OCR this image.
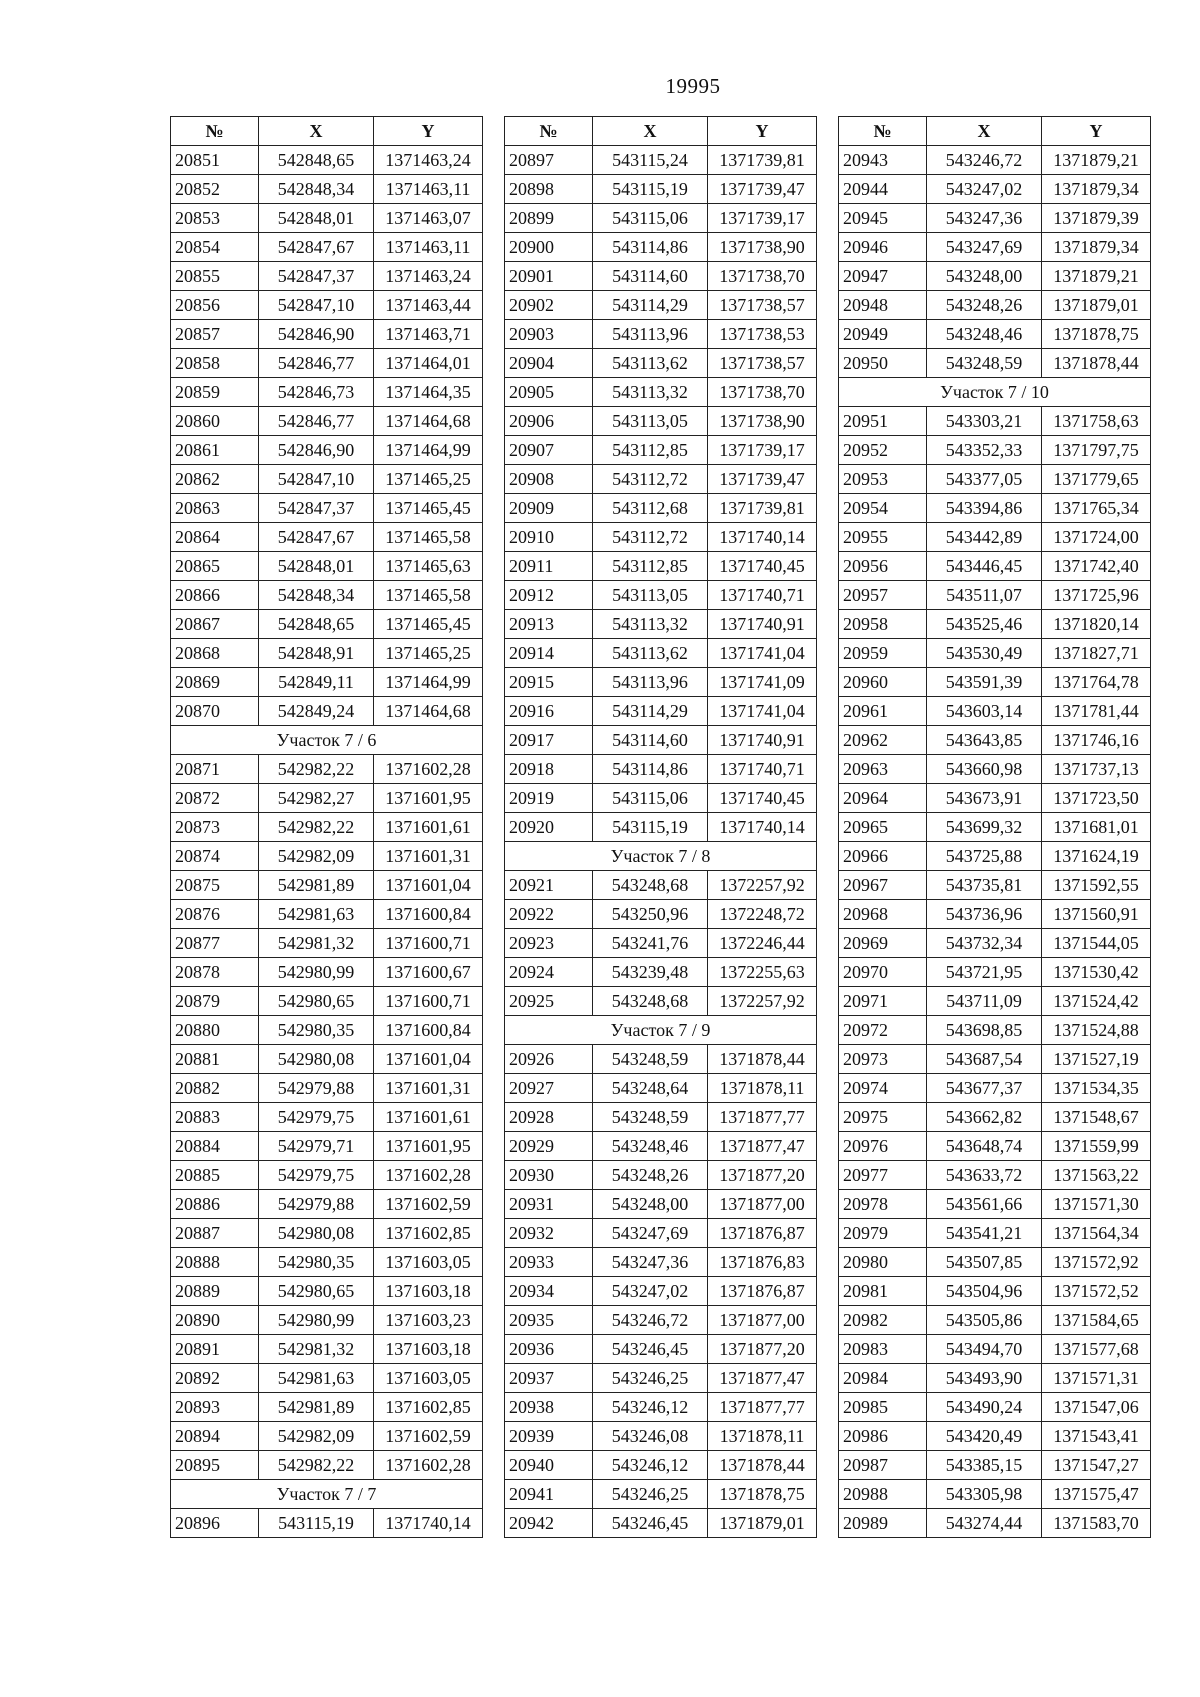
19995
№	X	Y
20851	542848,65	1371463,24
20852	542848,34	1371463,11
20853	542848,01	1371463,07
20854	542847,67	1371463,11
20855	542847,37	1371463,24
20856	542847,10	1371463,44
20857	542846,90	1371463,71
20858	542846,77	1371464,01
20859	542846,73	1371464,35
20860	542846,77	1371464,68
20861	542846,90	1371464,99
20862	542847,10	1371465,25
20863	542847,37	1371465,45
20864	542847,67	1371465,58
20865	542848,01	1371465,63
20866	542848,34	1371465,58
20867	542848,65	1371465,45
20868	542848,91	1371465,25
20869	542849,11	1371464,99
20870	542849,24	1371464,68
Участок 7 / 6		
20871	542982,22	1371602,28
20872	542982,27	1371601,95
20873	542982,22	1371601,61
20874	542982,09	1371601,31
20875	542981,89	1371601,04
20876	542981,63	1371600,84
20877	542981,32	1371600,71
20878	542980,99	1371600,67
20879	542980,65	1371600,71
20880	542980,35	1371600,84
20881	542980,08	1371601,04
20882	542979,88	1371601,31
20883	542979,75	1371601,61
20884	542979,71	1371601,95
20885	542979,75	1371602,28
20886	542979,88	1371602,59
20887	542980,08	1371602,85
20888	542980,35	1371603,05
20889	542980,65	1371603,18
20890	542980,99	1371603,23
20891	542981,32	1371603,18
20892	542981,63	1371603,05
20893	542981,89	1371602,85
20894	542982,09	1371602,59
20895	542982,22	1371602,28
Участок 7 / 7		
20896	543115,19	1371740,14
№	X	Y
20897	543115,24	1371739,81
20898	543115,19	1371739,47
20899	543115,06	1371739,17
20900	543114,86	1371738,90
20901	543114,60	1371738,70
20902	543114,29	1371738,57
20903	543113,96	1371738,53
20904	543113,62	1371738,57
20905	543113,32	1371738,70
20906	543113,05	1371738,90
20907	543112,85	1371739,17
20908	543112,72	1371739,47
20909	543112,68	1371739,81
20910	543112,72	1371740,14
20911	543112,85	1371740,45
20912	543113,05	1371740,71
20913	543113,32	1371740,91
20914	543113,62	1371741,04
20915	543113,96	1371741,09
20916	543114,29	1371741,04
20917	543114,60	1371740,91
20918	543114,86	1371740,71
20919	543115,06	1371740,45
20920	543115,19	1371740,14
Участок 7 / 8		
20921	543248,68	1372257,92
20922	543250,96	1372248,72
20923	543241,76	1372246,44
20924	543239,48	1372255,63
20925	543248,68	1372257,92
Участок 7 / 9		
20926	543248,59	1371878,44
20927	543248,64	1371878,11
20928	543248,59	1371877,77
20929	543248,46	1371877,47
20930	543248,26	1371877,20
20931	543248,00	1371877,00
20932	543247,69	1371876,87
20933	543247,36	1371876,83
20934	543247,02	1371876,87
20935	543246,72	1371877,00
20936	543246,45	1371877,20
20937	543246,25	1371877,47
20938	543246,12	1371877,77
20939	543246,08	1371878,11
20940	543246,12	1371878,44
20941	543246,25	1371878,75
20942	543246,45	1371879,01
№	X	Y
20943	543246,72	1371879,21
20944	543247,02	1371879,34
20945	543247,36	1371879,39
20946	543247,69	1371879,34
20947	543248,00	1371879,21
20948	543248,26	1371879,01
20949	543248,46	1371878,75
20950	543248,59	1371878,44
Участок 7 / 10		
20951	543303,21	1371758,63
20952	543352,33	1371797,75
20953	543377,05	1371779,65
20954	543394,86	1371765,34
20955	543442,89	1371724,00
20956	543446,45	1371742,40
20957	543511,07	1371725,96
20958	543525,46	1371820,14
20959	543530,49	1371827,71
20960	543591,39	1371764,78
20961	543603,14	1371781,44
20962	543643,85	1371746,16
20963	543660,98	1371737,13
20964	543673,91	1371723,50
20965	543699,32	1371681,01
20966	543725,88	1371624,19
20967	543735,81	1371592,55
20968	543736,96	1371560,91
20969	543732,34	1371544,05
20970	543721,95	1371530,42
20971	543711,09	1371524,42
20972	543698,85	1371524,88
20973	543687,54	1371527,19
20974	543677,37	1371534,35
20975	543662,82	1371548,67
20976	543648,74	1371559,99
20977	543633,72	1371563,22
20978	543561,66	1371571,30
20979	543541,21	1371564,34
20980	543507,85	1371572,92
20981	543504,96	1371572,52
20982	543505,86	1371584,65
20983	543494,70	1371577,68
20984	543493,90	1371571,31
20985	543490,24	1371547,06
20986	543420,49	1371543,41
20987	543385,15	1371547,27
20988	543305,98	1371575,47
20989	543274,44	1371583,70
